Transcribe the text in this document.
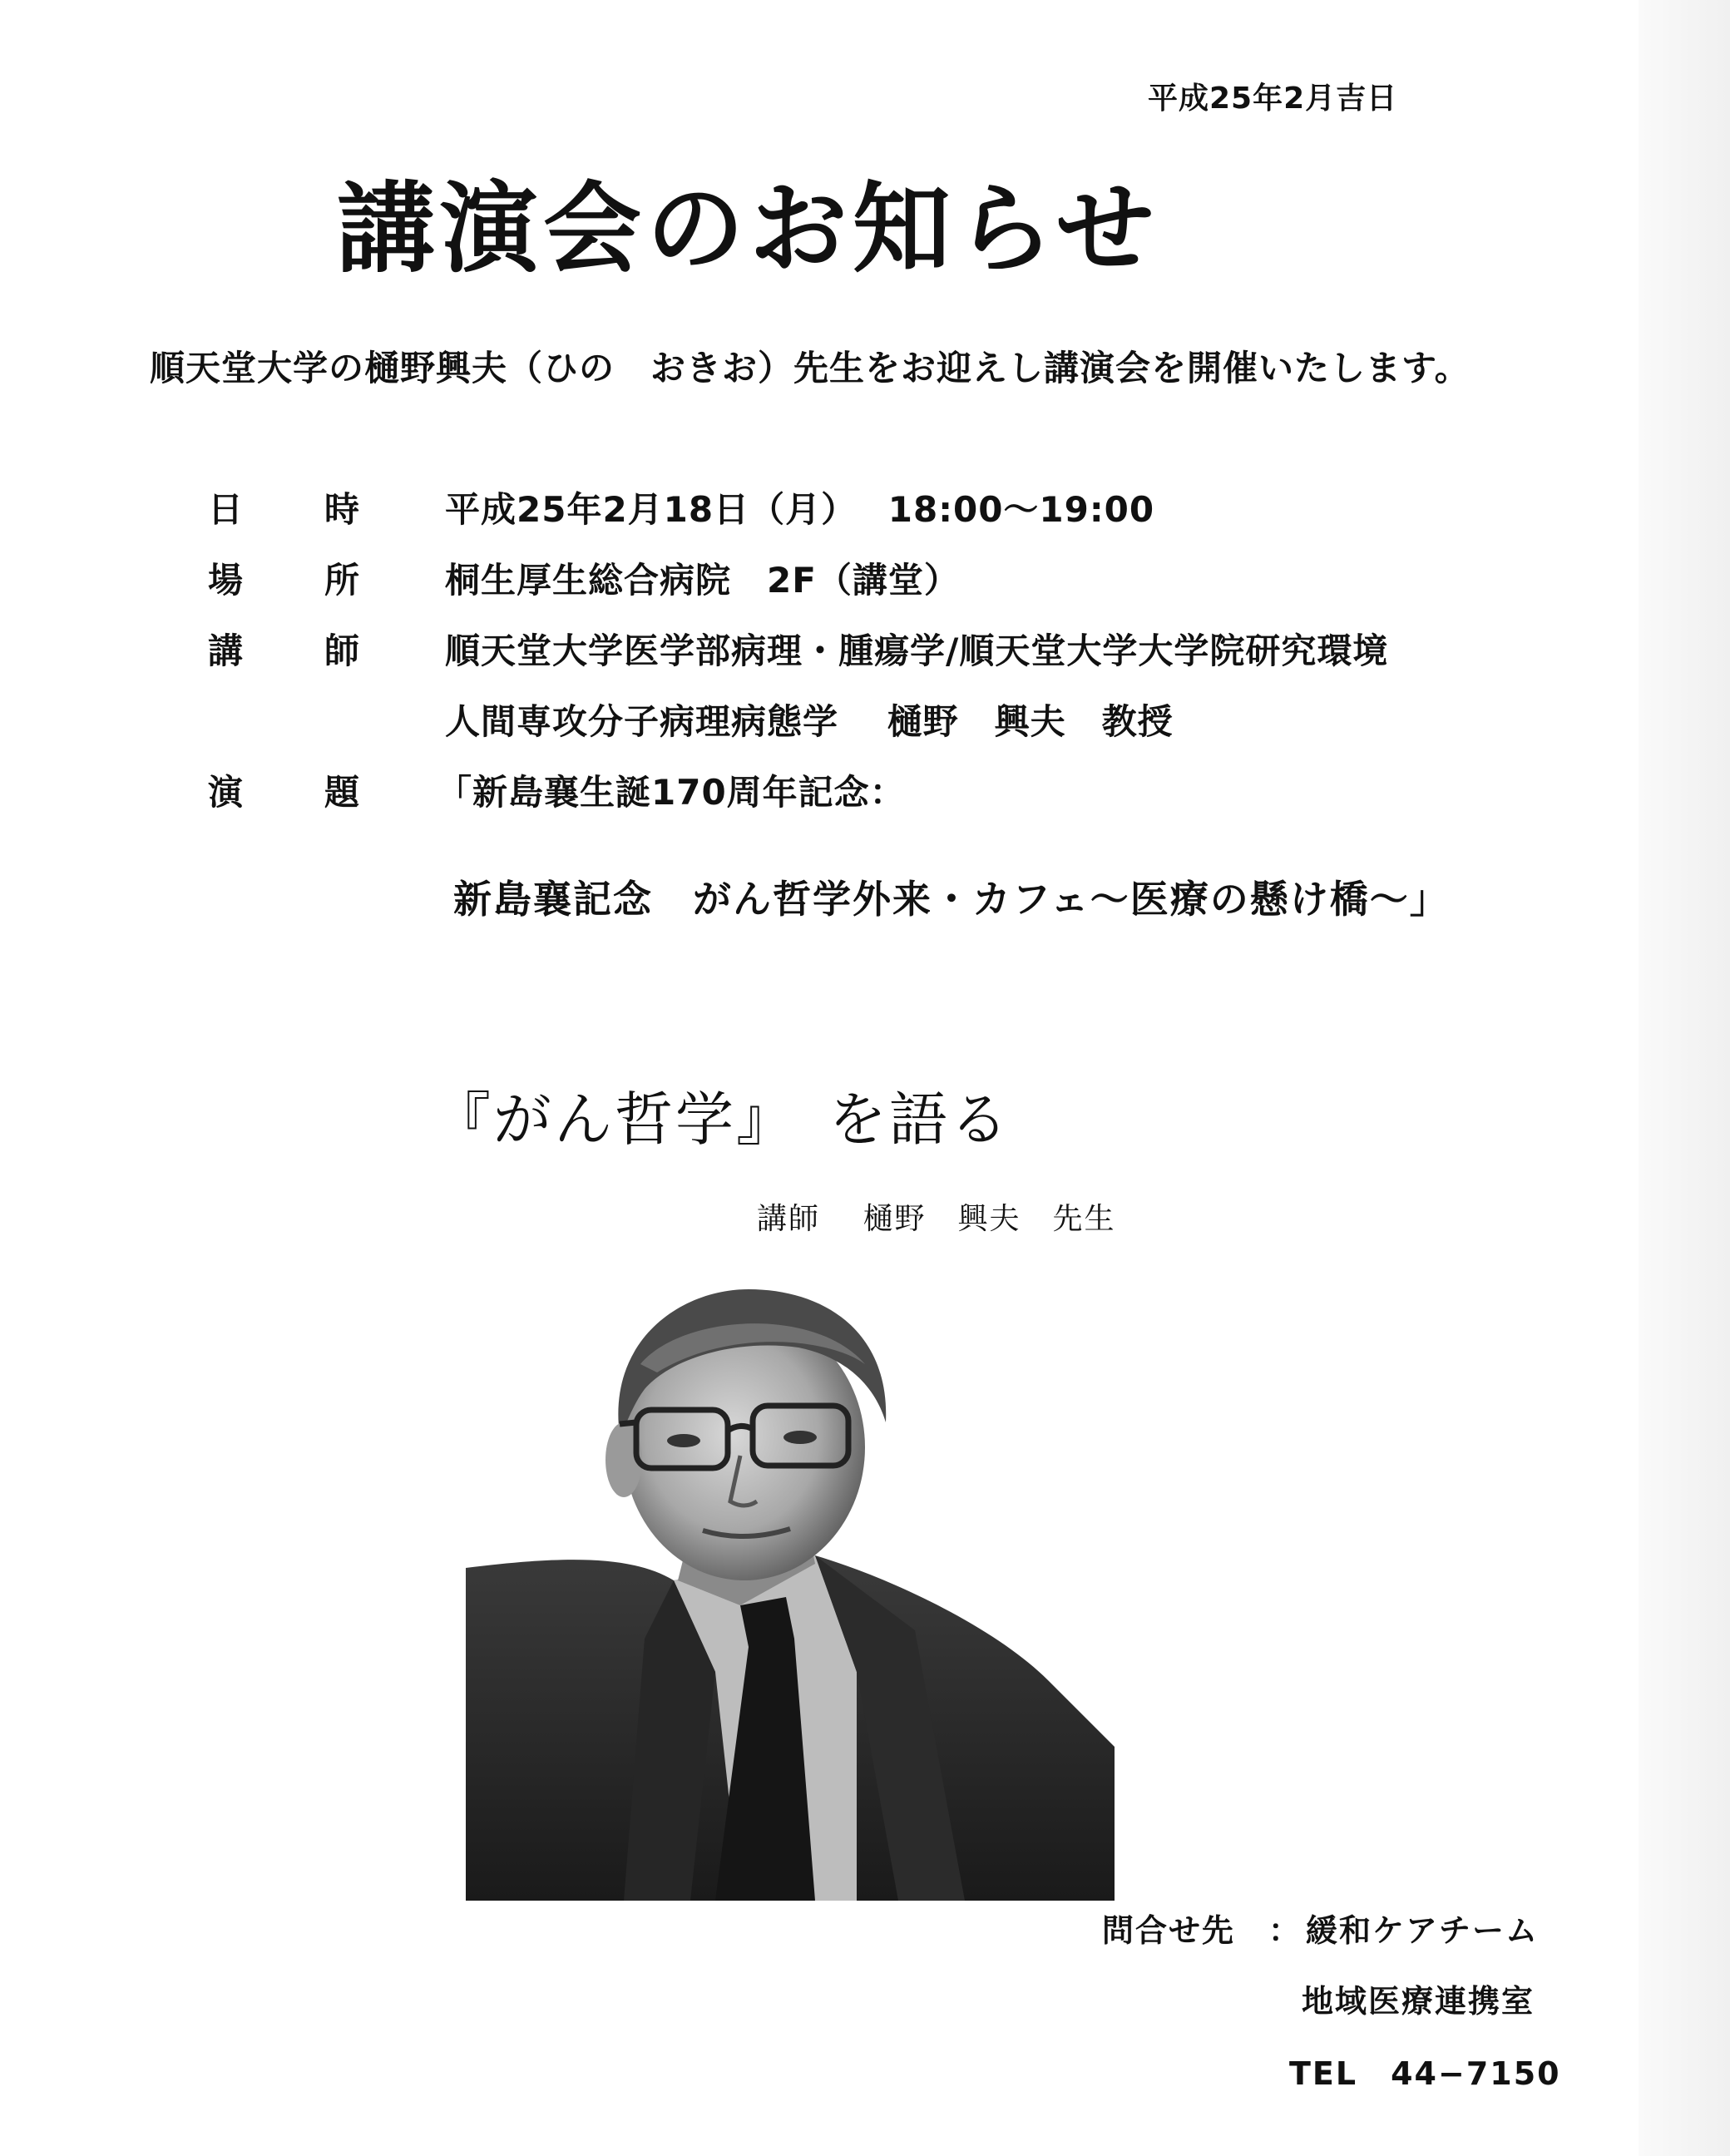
平成25年2月吉日
講演会のお知らせ
順天堂大学の樋野興夫（ひの　おきお）先生をお迎えし講演会を開催いたします。
日 時 平成25年2月18日（月）　 18:00〜19:00
場 所 桐生厚生総合病院　2F（講堂）
講 師 順天堂大学医学部病理・腫瘍学/順天堂大学大学院研究環境
人間専攻分子病理病態学　 樋野　興夫　教授
演 題 「新島襄生誕170周年記念：
新島襄記念　がん哲学外来・カフェ〜医療の懸け橋〜」
『がん哲学』　を語る
講師　 樋野　興夫　先生
問合せ先　： 緩和ケアチーム
地域医療連携室
TEL　44−7150
